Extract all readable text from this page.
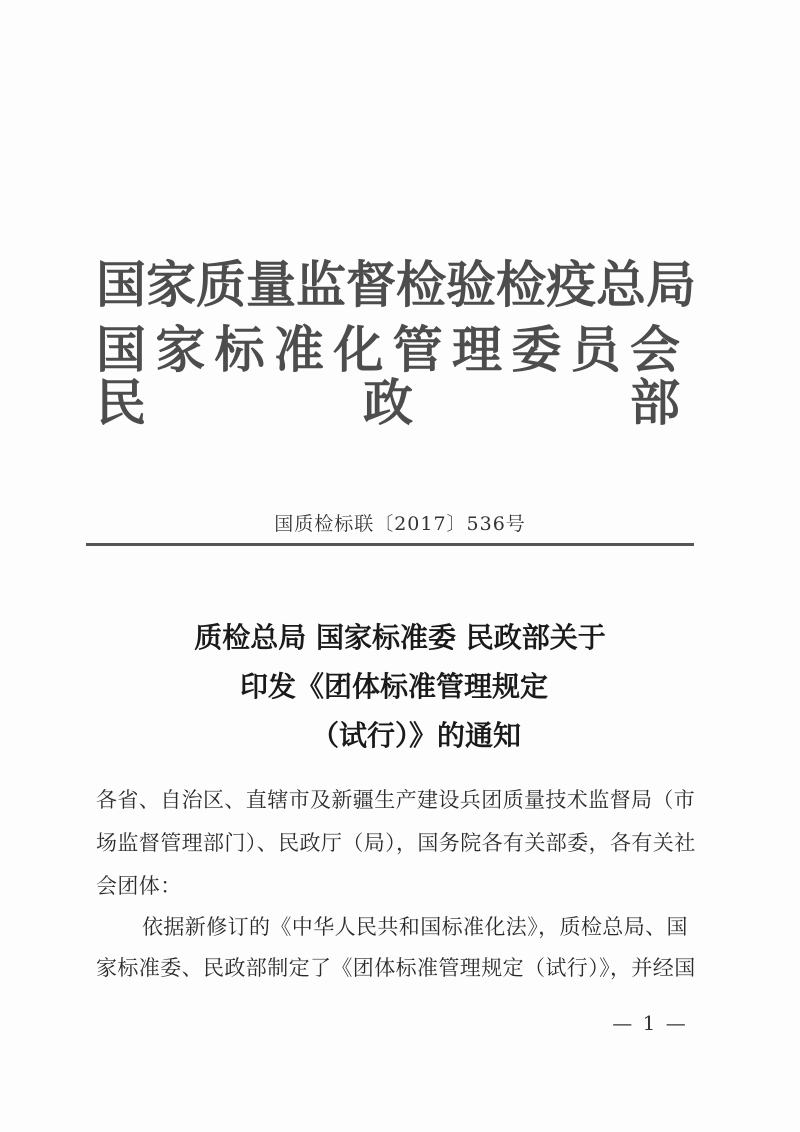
国 家 质 量 监 督 检 验 检 疫 总 局
国 家 标 准 化 管 理 委 员 会
民	政	部
国质检标联〔2017〕536号
质检总局 国家标准委 民政部关于
印发《团体标准管理规定
（试行）》的通知
各省、自治区、直辖市及新疆生产建设兵团质量技术监督局（市
场监督管理部门）、民政厅（局），国务院各有关部委，各有关社
会团体：
依据新修订的《中华人民共和国标准化法》，质检总局、国
家标准委、民政部制定了《团体标准管理规定（试行）》，并经国
— 1 —
